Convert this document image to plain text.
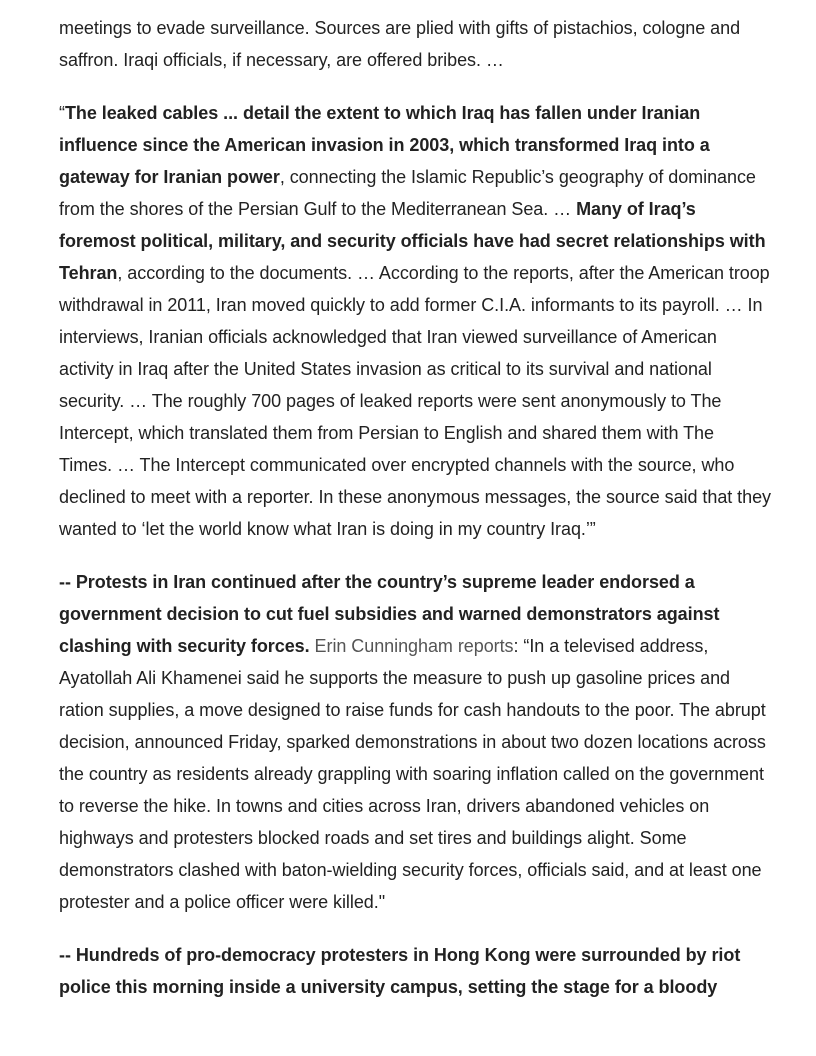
meetings to evade surveillance. Sources are plied with gifts of pistachios, cologne and saffron. Iraqi officials, if necessary, are offered bribes. …

“The leaked cables ... detail the extent to which Iraq has fallen under Iranian influence since the American invasion in 2003, which transformed Iraq into a gateway for Iranian power, connecting the Islamic Republic’s geography of dominance from the shores of the Persian Gulf to the Mediterranean Sea. … Many of Iraq’s foremost political, military, and security officials have had secret relationships with Tehran, according to the documents. … According to the reports, after the American troop withdrawal in 2011, Iran moved quickly to add former C.I.A. informants to its payroll. … In interviews, Iranian officials acknowledged that Iran viewed surveillance of American activity in Iraq after the United States invasion as critical to its survival and national security. … The roughly 700 pages of leaked reports were sent anonymously to The Intercept, which translated them from Persian to English and shared them with The Times. … The Intercept communicated over encrypted channels with the source, who declined to meet with a reporter. In these anonymous messages, the source said that they wanted to ‘let the world know what Iran is doing in my country Iraq.’”

-- Protests in Iran continued after the country’s supreme leader endorsed a government decision to cut fuel subsidies and warned demonstrators against clashing with security forces. Erin Cunningham reports: “In a televised address, Ayatollah Ali Khamenei said he supports the measure to push up gasoline prices and ration supplies, a move designed to raise funds for cash handouts to the poor. The abrupt decision, announced Friday, sparked demonstrations in about two dozen locations across the country as residents already grappling with soaring inflation called on the government to reverse the hike. In towns and cities across Iran, drivers abandoned vehicles on highways and protesters blocked roads and set tires and buildings alight. Some demonstrators clashed with baton-wielding security forces, officials said, and at least one protester and a police officer were killed."

-- Hundreds of pro-democracy protesters in Hong Kong were surrounded by riot police this morning inside a university campus, setting the stage for a bloody
